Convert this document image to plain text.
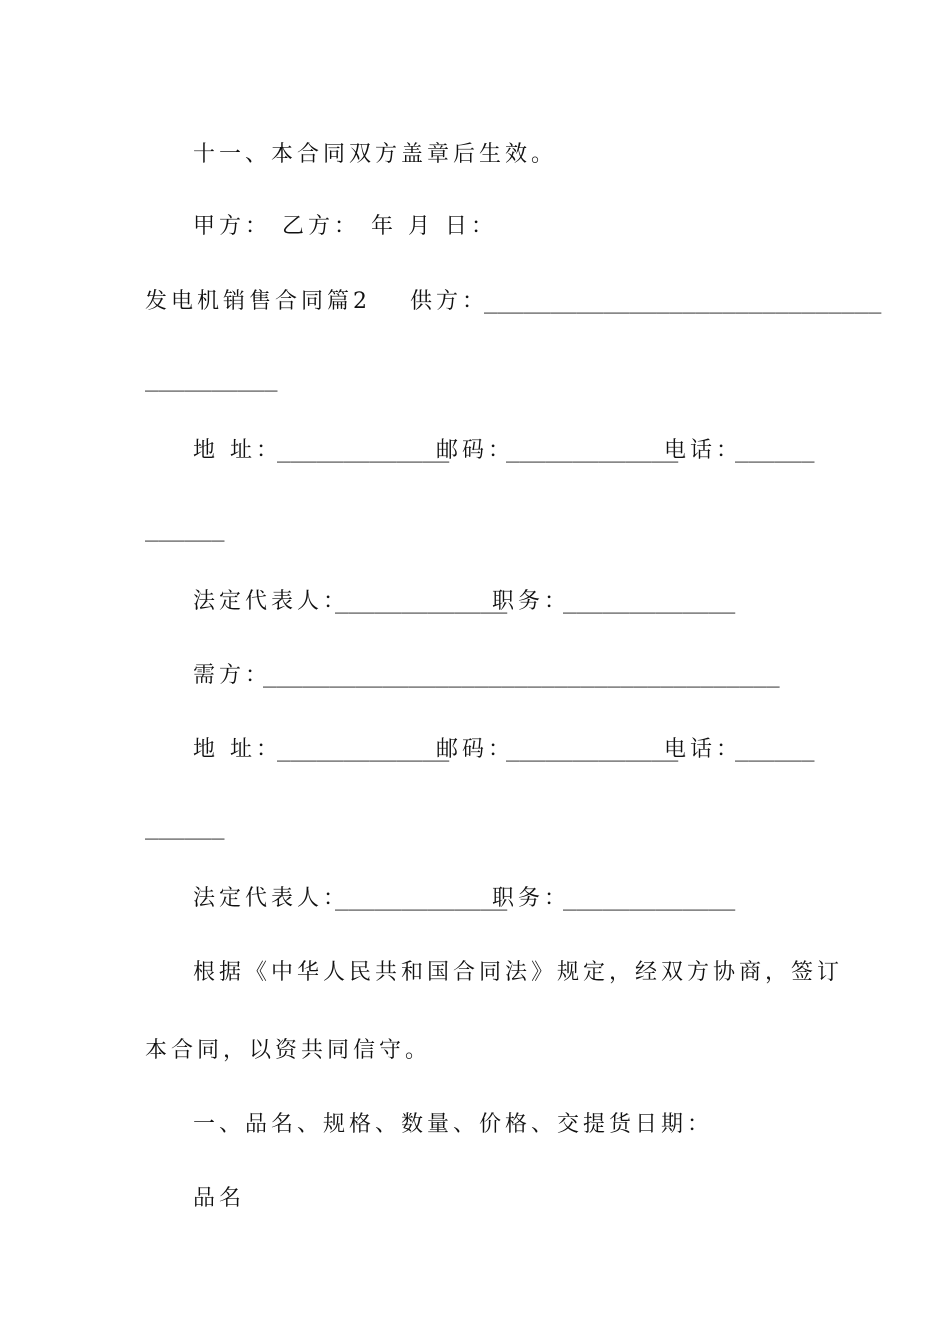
十一、本合同双方盖章后生效。
甲方： 乙方： 年 月 日：
发电机销售合同篇2 供方：
______________________________
__________
地 址：
_____________
邮码：
_____________
电话：
______
______
法定代表人：
_____________
职务：
_____________
需方：
_______________________________________
地 址：
_____________
邮码：
_____________
电话：
______
______
法定代表人：
_____________
职务：
_____________
根据《中华人民共和国合同法》规定，经双方协商，签订
本合同，以资共同信守。
一、品名、规格、数量、价格、交提货日期：
品名
